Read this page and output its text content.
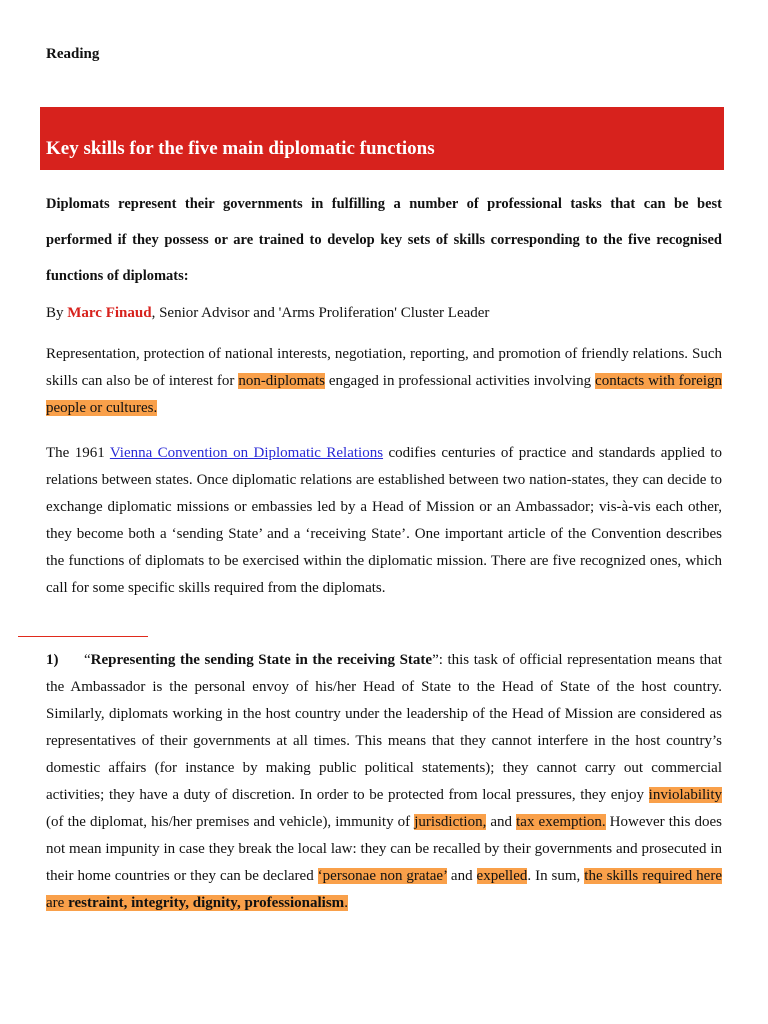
Reading
Key skills for the five main diplomatic functions
Diplomats represent their governments in fulfilling a number of professional tasks that can be best performed if they possess or are trained to develop key sets of skills corresponding to the five recognised functions of diplomats:
By Marc Finaud, Senior Advisor and 'Arms Proliferation' Cluster Leader
Representation, protection of national interests, negotiation, reporting, and promotion of friendly relations. Such skills can also be of interest for non-diplomats engaged in professional activities involving contacts with foreign people or cultures.
The 1961 Vienna Convention on Diplomatic Relations codifies centuries of practice and standards applied to relations between states. Once diplomatic relations are established between two nation-states, they can decide to exchange diplomatic missions or embassies led by a Head of Mission or an Ambassador; vis-à-vis each other, they become both a ‘sending State’ and a ‘receiving State’. One important article of the Convention describes the functions of diplomats to be exercised within the diplomatic mission. There are five recognized ones, which call for some specific skills required from the diplomats.
1) “Representing the sending State in the receiving State”: this task of official representation means that the Ambassador is the personal envoy of his/her Head of State to the Head of State of the host country. Similarly, diplomats working in the host country under the leadership of the Head of Mission are considered as representatives of their governments at all times. This means that they cannot interfere in the host country’s domestic affairs (for instance by making public political statements); they cannot carry out commercial activities; they have a duty of discretion. In order to be protected from local pressures, they enjoy inviolability (of the diplomat, his/her premises and vehicle), immunity of jurisdiction, and tax exemption. However this does not mean impunity in case they break the local law: they can be recalled by their governments and prosecuted in their home countries or they can be declared ‘personae non gratae’ and expelled. In sum, the skills required here are restraint, integrity, dignity, professionalism.
